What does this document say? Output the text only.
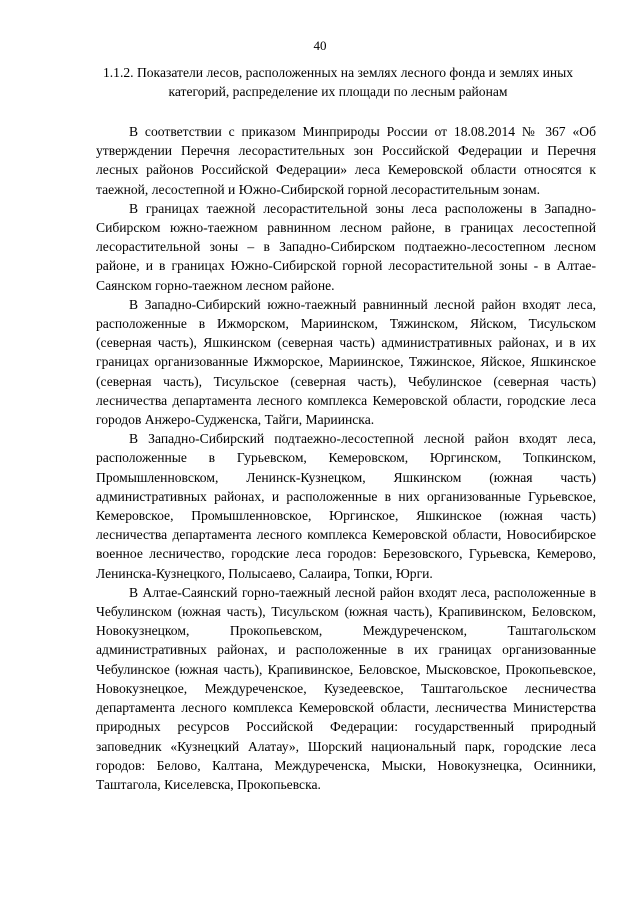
40
1.1.2. Показатели лесов, расположенных на землях лесного фонда и землях иных категорий, распределение их площади по лесным районам

В соответствии с приказом Минприроды России от 18.08.2014 № 367 «Об утверждении Перечня лесорастительных зон Российской Федерации и Перечня лесных районов Российской Федерации» леса Кемеровской области относятся к таежной, лесостепной и Южно-Сибирской горной лесорастительным зонам.

В границах таежной лесорастительной зоны леса расположены в Западно-Сибирском южно-таежном равнинном лесном районе, в границах лесостепной лесорастительной зоны – в Западно-Сибирском подтаежно-лесостепном лесном районе, и в границах Южно-Сибирской горной лесорастительной зоны - в Алтае-Саянском горно-таежном лесном районе.

В Западно-Сибирский южно-таежный равнинный лесной район входят леса, расположенные в Ижморском, Мариинском, Тяжинском, Яйском, Тисульском (северная часть), Яшкинском (северная часть) административных районах, и в их границах организованные Ижморское, Мариинское, Тяжинское, Яйское, Яшкинское (северная часть), Тисульское (северная часть), Чебулинское (северная часть) лесничества департамента лесного комплекса Кемеровской области, городские леса городов Анжеро-Судженска, Тайги, Мариинска.

В Западно-Сибирский подтаежно-лесостепной лесной район входят леса, расположенные в Гурьевском, Кемеровском, Юргинском, Топкинском, Промышленновском, Ленинск-Кузнецком, Яшкинском (южная часть) административных районах, и расположенные в них организованные Гурьевское, Кемеровское, Промышленновское, Юргинское, Яшкинское (южная часть) лесничества департамента лесного комплекса Кемеровской области, Новосибирское военное лесничество, городские леса городов: Березовского, Гурьевска, Кемерово, Ленинска-Кузнецкого, Полысаево, Салаира, Топки, Юрги.

В Алтае-Саянский горно-таежный лесной район входят леса, расположенные в Чебулинском (южная часть), Тисульском (южная часть), Крапивинском, Беловском, Новокузнецком, Прокопьевском, Междуреченском, Таштагольском административных районах, и расположенные в их границах организованные Чебулинское (южная часть), Крапивинское, Беловское, Мысковское, Прокопьевское, Новокузнецкое, Междуреченское, Кузедеевское, Таштагольское лесничества департамента лесного комплекса Кемеровской области, лесничества Министерства природных ресурсов Российской Федерации: государственный природный заповедник «Кузнецкий Алатау», Шорский национальный парк, городские леса городов: Белово, Калтана, Междуреченска, Мыски, Новокузнецка, Осинники, Таштагола, Киселевска, Прокопьевска.
